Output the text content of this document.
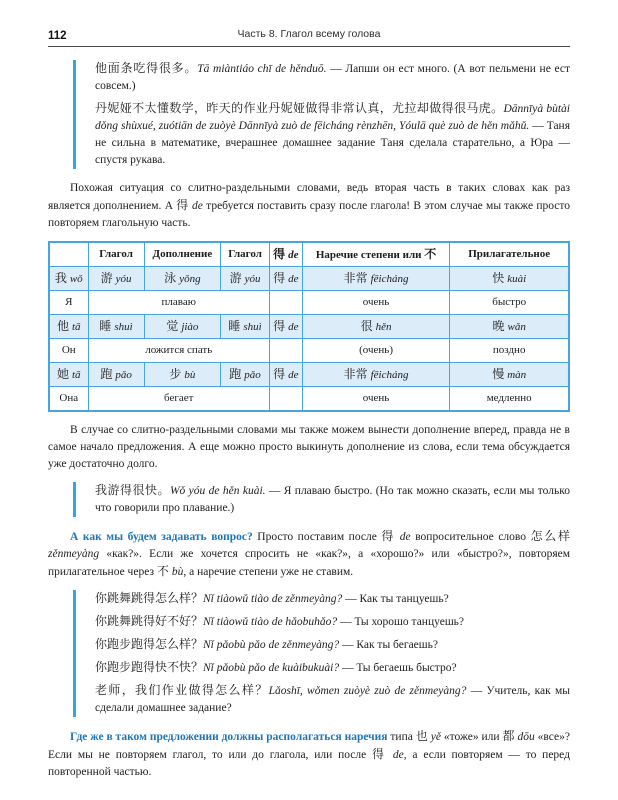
112	Часть 8. Глагол всему голова

他面条吃得很多。Tā miàntiáo chī de hěnduō. — Лапши он ест много. (А вот пельмени не ест совсем.)

丹妮娅不太懂数学，昨天的作业丹妮娅做得非常认真，尤拉却做得很马虎。Dānnīyà bùtài dǒng shùxué, zuótiān de zuòyè Dānnīyà zuò de fēicháng rènzhēn, Yóulā què zuò de hěn mǎhǔ. — Таня не сильна в математике, вчерашнее домашнее задание Таня сделала старательно, а Юра — спустя рукава.

Похожая ситуация со слитно-раздельными словами, ведь вторая часть в таких словах как раз является дополнением. А 得 de требуется поставить сразу после глагола! В этом случае мы также просто повторяем глагольную часть.

	Глагол	Дополнение	Глагол	得 de	Наречие степени или 不	Прилагательное
我 wǒ	游 yóu	泳 yǒng	游 yóu	得 de	非常 fēicháng	快 kuài
Я	плаваю				очень	быстро
他 tā	睡 shuì	觉 jiào	睡 shuì	得 de	很 hěn	晚 wǎn
Он	ложится спать				(очень)	поздно
她 tā	跑 pǎo	步 bù	跑 pǎo	得 de	非常 fēicháng	慢 màn
Она	бегает				очень	медленно

В случае со слитно-раздельными словами мы также можем вынести дополнение вперед, правда не в самое начало предложения. А еще можно просто выкинуть дополнение из слова, если тема обсуждается уже достаточно долго.

我游得很快。Wǒ yóu de hěn kuài. — Я плаваю быстро. (Но так можно сказать, если мы только что говорили про плавание.)

А как мы будем задавать вопрос? Просто поставим после 得 de вопросительное слово 怎么样 zěnmeyàng «как?». Если же хочется спросить не «как?», а «хорошо?» или «быстро?», повторяем прилагательное через 不 bù, а наречие степени уже не ставим.

你跳舞跳得怎么样？Nǐ tiàowǔ tiào de zěnmeyàng? — Как ты танцуешь?

你跳舞跳得好不好？Nǐ tiàowǔ tiào de hǎobuhǎo? — Ты хорошо танцуешь?

你跑步跑得怎么样？Nǐ pǎobù pǎo de zěnmeyàng? — Как ты бегаешь?

你跑步跑得快不快？Nǐ pǎobù pǎo de kuàibukuài? — Ты бегаешь быстро?

老师，我们作业做得怎么样？Lǎoshī, wǒmen zuòyè zuò de zěnmeyàng? — Учитель, как мы сделали домашнее задание?

Где же в таком предложении должны располагаться наречия типа 也 yě «тоже» или 都 dōu «все»? Если мы не повторяем глагол, то или до глагола, или после 得 de, а если повторяем — то перед повторенной частью.
